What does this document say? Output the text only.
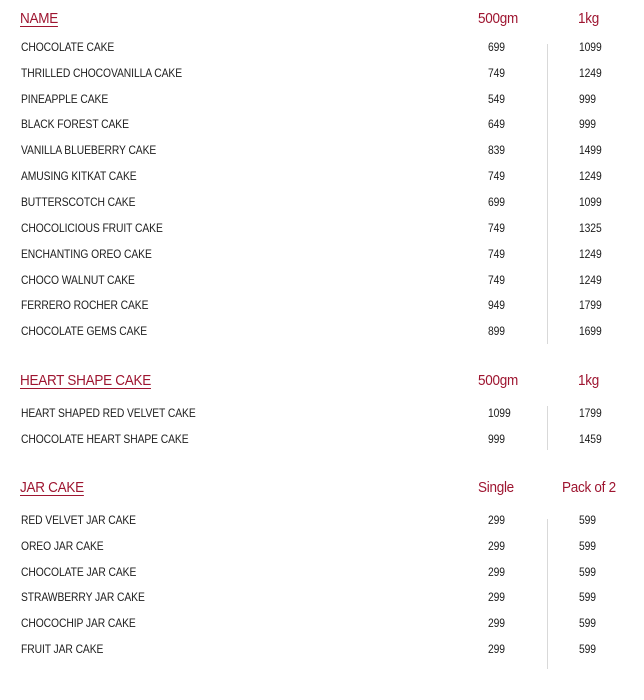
NAME	500gm	1kg
CHOCOLATE CAKE	699	1099
THRILLED CHOCOVANILLA CAKE	749	1249
PINEAPPLE CAKE	549	999
BLACK FOREST CAKE	649	999
VANILLA BLUEBERRY CAKE	839	1499
AMUSING KITKAT CAKE	749	1249
BUTTERSCOTCH CAKE	699	1099
CHOCOLICIOUS FRUIT CAKE	749	1325
ENCHANTING OREO CAKE	749	1249
CHOCO WALNUT CAKE	749	1249
FERRERO ROCHER CAKE	949	1799
CHOCOLATE GEMS CAKE	899	1699
HEART SHAPE CAKE	500gm	1kg
HEART SHAPED RED VELVET CAKE	1099	1799
CHOCOLATE HEART SHAPE CAKE	999	1459
JAR CAKE	Single	Pack of 2
RED VELVET JAR CAKE	299	599
OREO JAR CAKE	299	599
CHOCOLATE JAR CAKE	299	599
STRAWBERRY JAR CAKE	299	599
CHOCOCHIP JAR CAKE	299	599
FRUIT JAR CAKE	299	599
